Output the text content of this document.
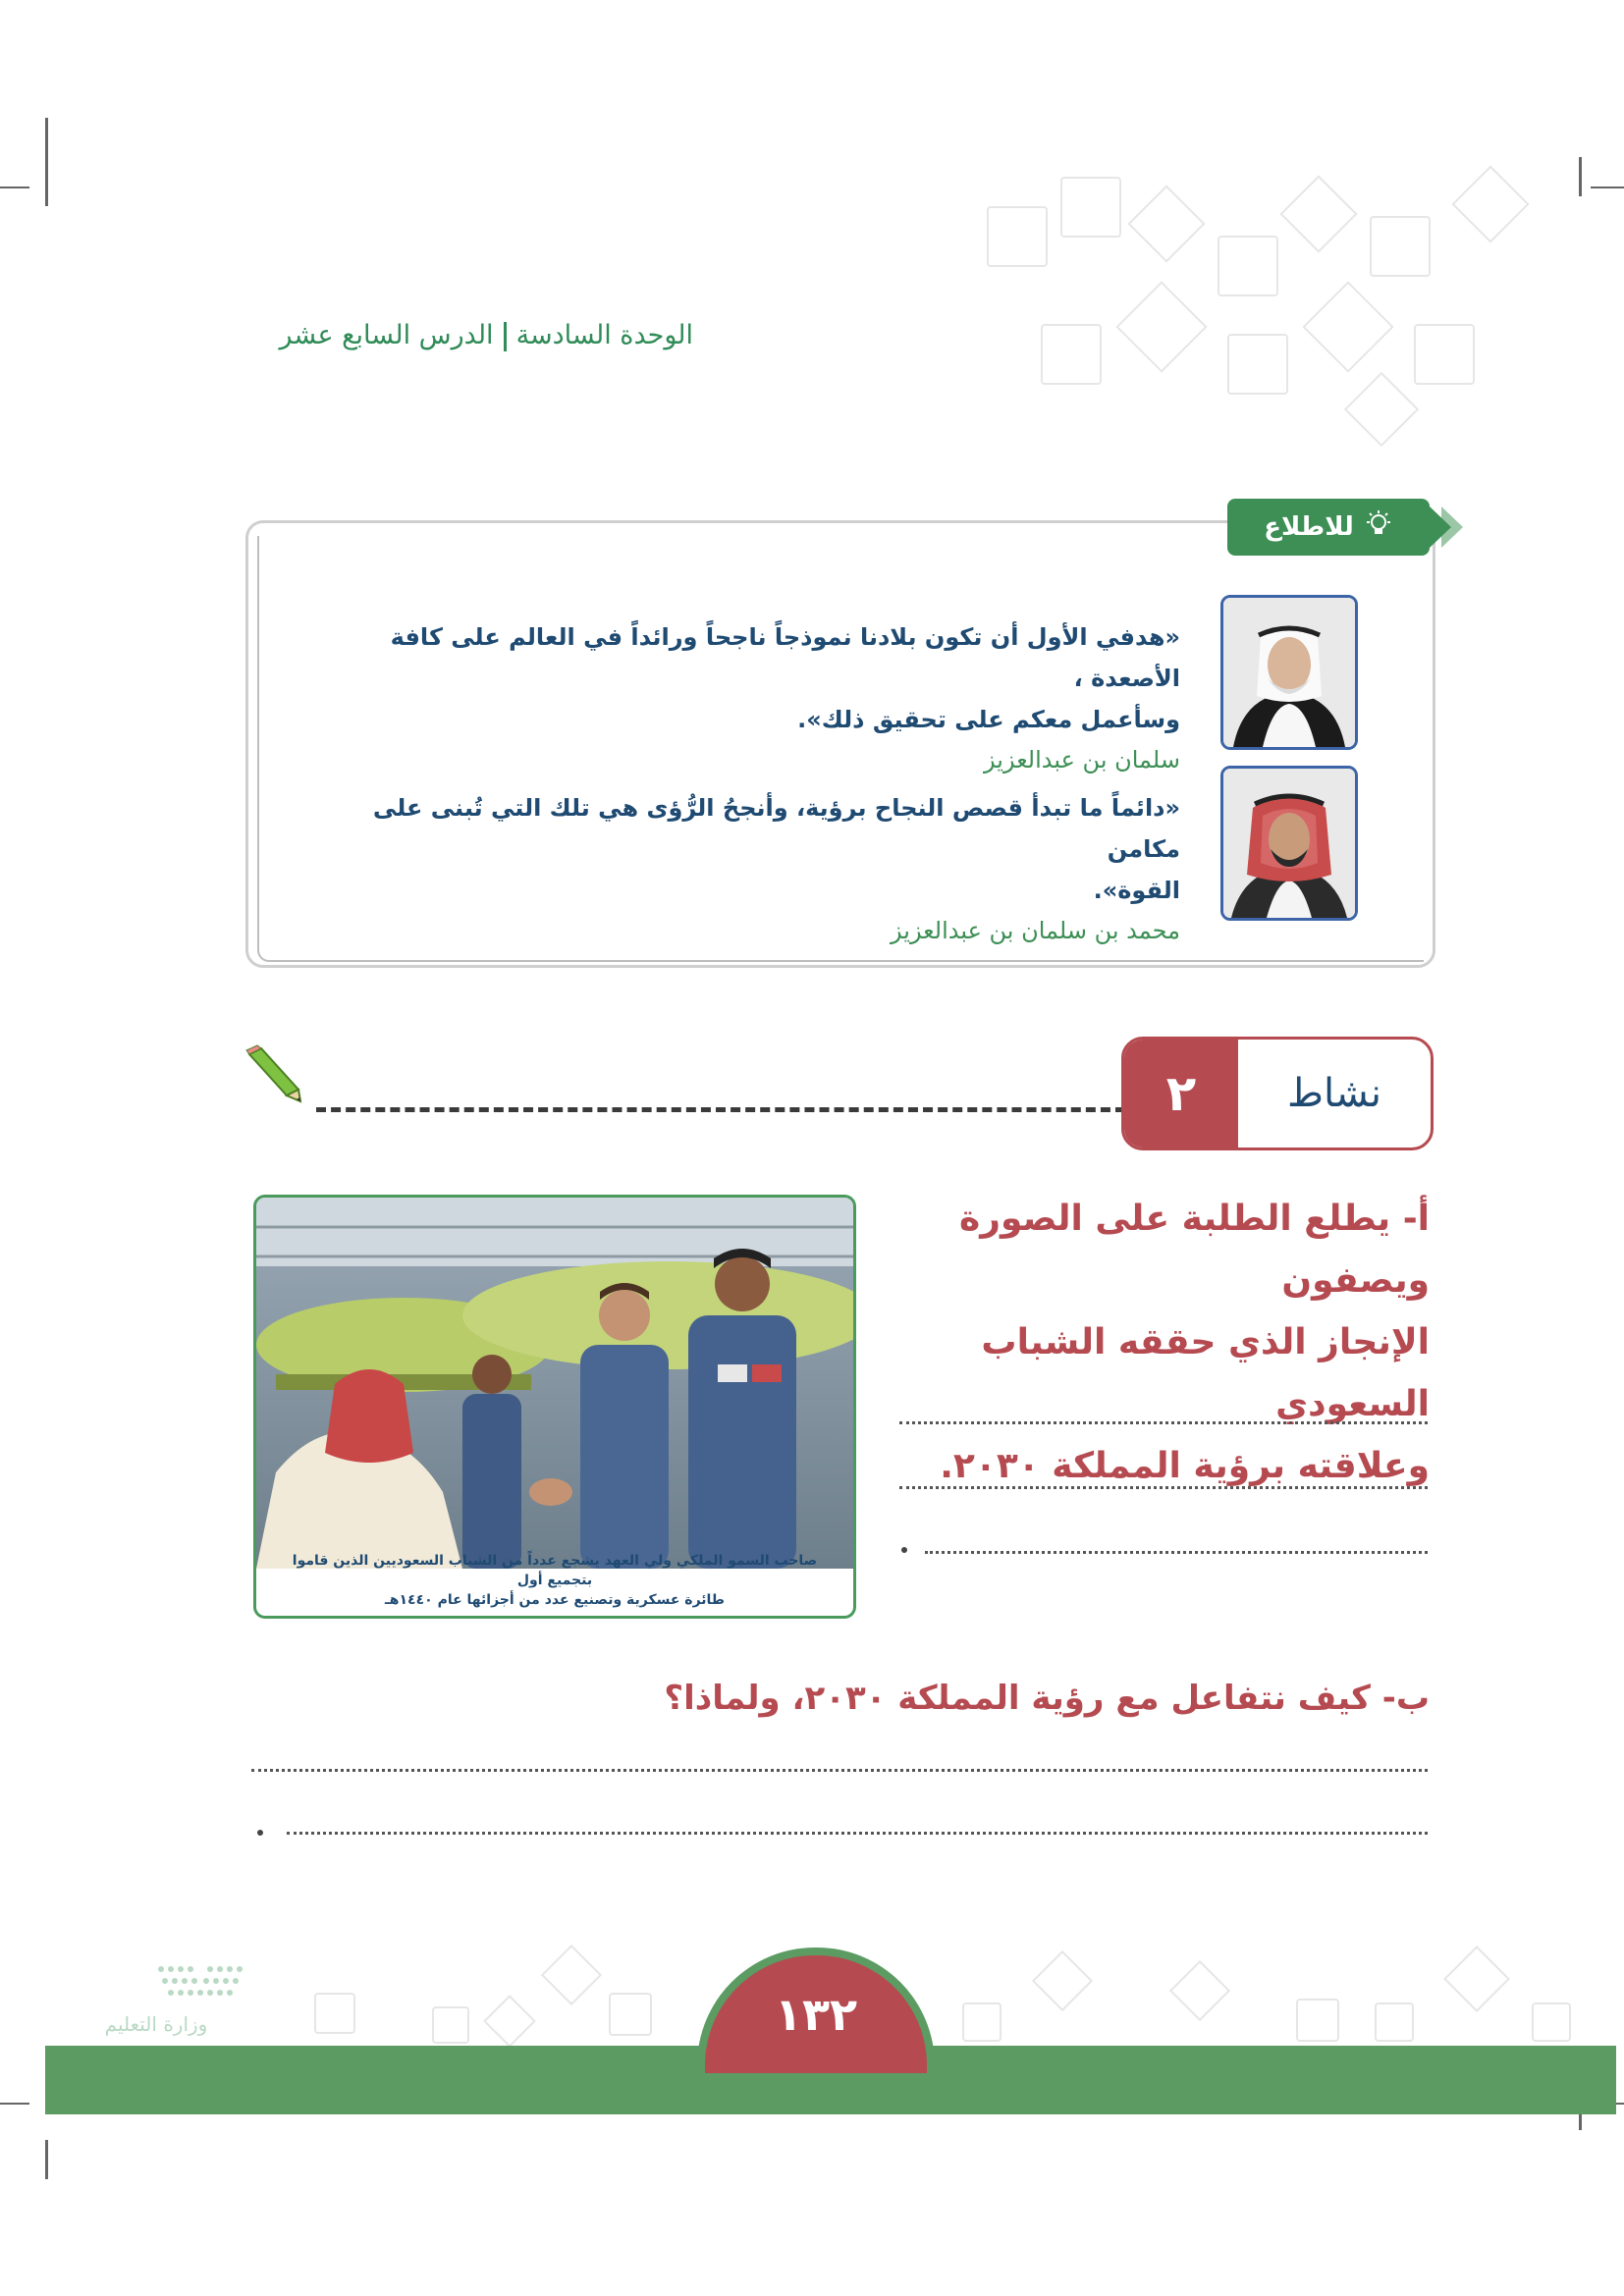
الوحدة السادسةالدرس السابع عشر
للاطلاع
«هدفي الأول أن تكون بلادنا نموذجاً ناجحاً ورائداً في العالم على كافة الأصعدة ،
وسأعمل معكم على تحقيق ذلك».
سلمان بن عبدالعزيز
«دائماً ما تبدأ قصص النجاح برؤية، وأنجحُ الرُّؤى هي تلك التي تُبنى على مكامن
القوة».
محمد بن سلمان بن عبدالعزيز
٢	نشاط
أ- يطلع الطلبة على الصورة ويصفون
الإنجاز الذي حققه الشباب السعودي
وعلاقته برؤية المملكة ٢٠٣٠.
صاحب السمو الملكي ولي العهد يشجع عدداً من الشباب السعوديين الذين قاموا بتجميع أول
طائرة عسكرية وتصنيع عدد من أجزائها عام ١٤٤٠هـ
ب- كيف نتفاعل مع رؤية المملكة ٢٠٣٠، ولماذا؟
وزارة التعليم	١٣٢
